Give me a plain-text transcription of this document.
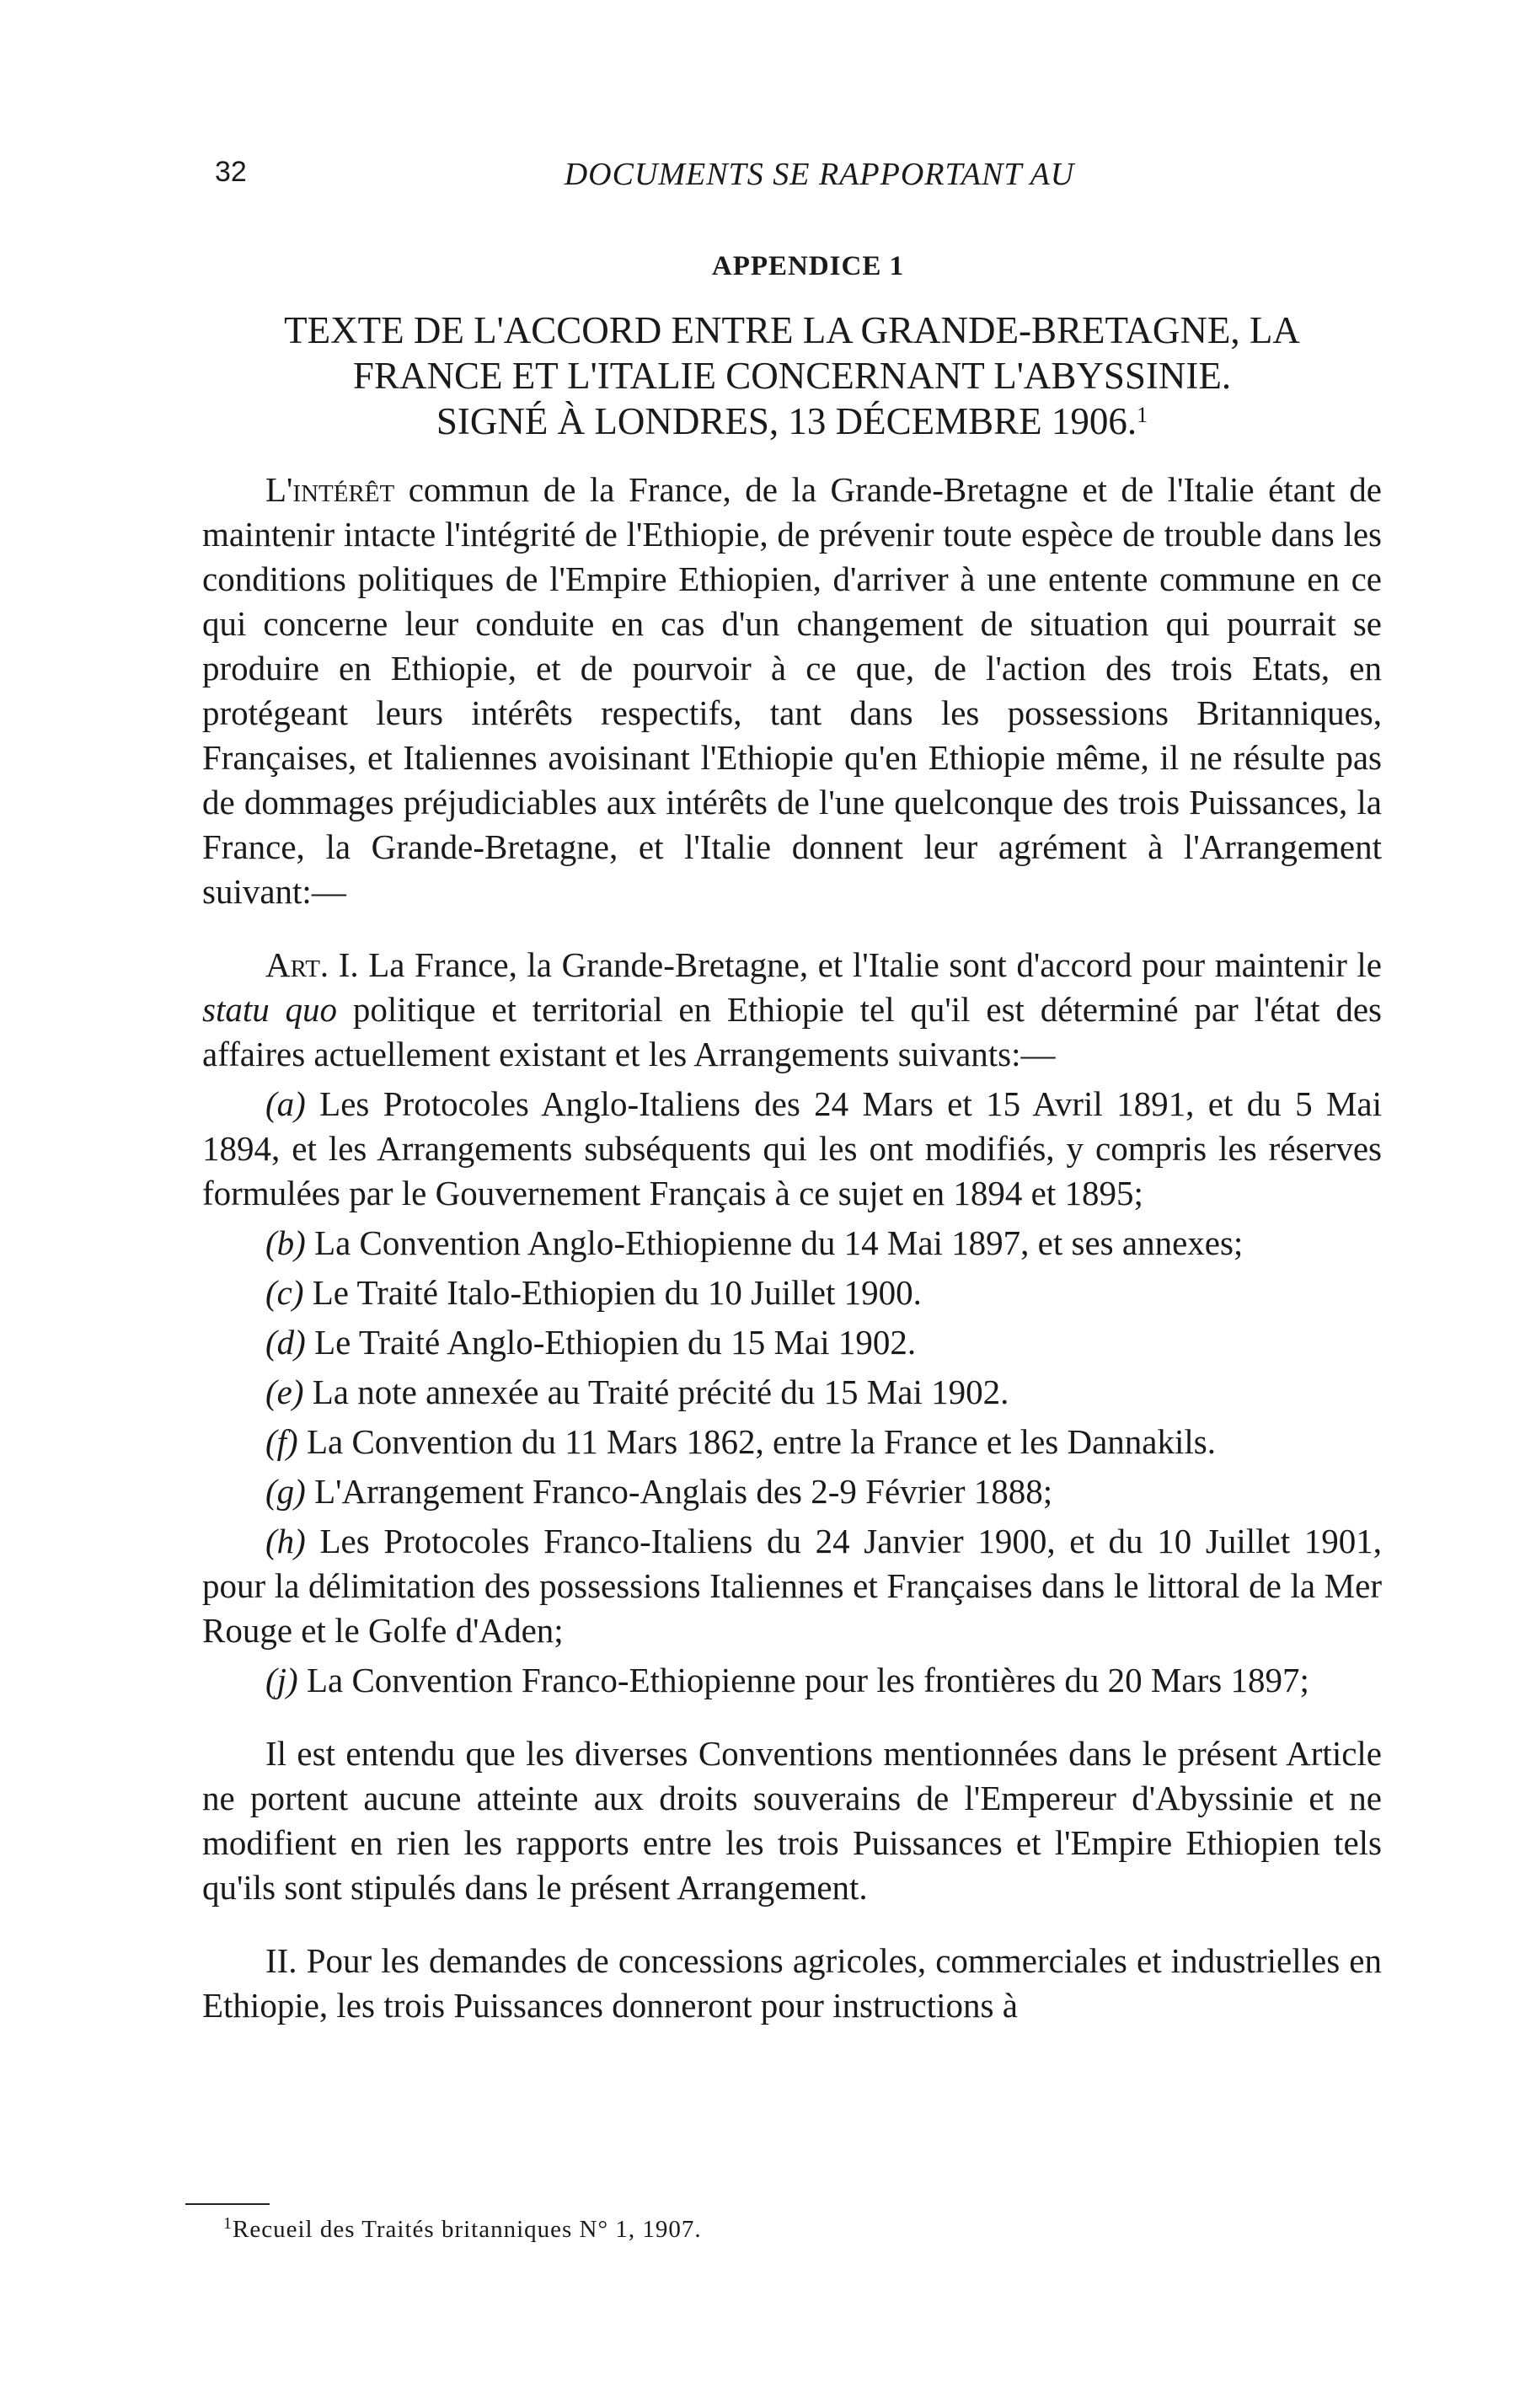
32	DOCUMENTS SE RAPPORTANT AU
APPENDICE 1
TEXTE DE L'ACCORD ENTRE LA GRANDE-BRETAGNE, LA
FRANCE ET L'ITALIE CONCERNANT L'ABYSSINIE.
SIGNÉ À LONDRES, 13 DÉCEMBRE 1906.$^1$

L'intérêt commun de la France, de la Grande-Bretagne et de l'Italie étant de maintenir intacte l'intégrité de l'Ethiopie, de prévenir toute espèce de trouble dans les conditions politiques de l'Empire Ethiopien, d'arriver à une entente commune en ce qui concerne leur conduite en cas d'un changement de situation qui pourrait se produire en Ethiopie, et de pourvoir à ce que, de l'action des trois Etats, en protégeant leurs intérêts respectifs, tant dans les possessions Britanniques, Françaises, et Italiennes avoisinant l'Ethiopie qu'en Ethiopie même, il ne résulte pas de dommages préjudiciables aux intérêts de l'une quelconque des trois Puissances, la France, la Grande-Bretagne, et l'Italie donnent leur agrément à l'Arrangement suivant:—

Art. I. La France, la Grande-Bretagne, et l'Italie sont d'accord pour maintenir le statu quo politique et territorial en Ethiopie tel qu'il est déterminé par l'état des affaires actuellement existant et les Arrangements suivants:—

(a) Les Protocoles Anglo-Italiens des 24 Mars et 15 Avril 1891, et du 5 Mai 1894, et les Arrangements subséquents qui les ont modifiés, y compris les réserves formulées par le Gouvernement Français à ce sujet en 1894 et 1895;

(b) La Convention Anglo-Ethiopienne du 14 Mai 1897, et ses annexes;

(c) Le Traité Italo-Ethiopien du 10 Juillet 1900.

(d) Le Traité Anglo-Ethiopien du 15 Mai 1902.

(e) La note annexée au Traité précité du 15 Mai 1902.

(f) La Convention du 11 Mars 1862, entre la France et les Dannakils.

(g) L'Arrangement Franco-Anglais des 2-9 Février 1888;

(h) Les Protocoles Franco-Italiens du 24 Janvier 1900, et du 10 Juillet 1901, pour la délimitation des possessions Italiennes et Françaises dans le littoral de la Mer Rouge et le Golfe d'Aden;

(j) La Convention Franco-Ethiopienne pour les frontières du 20 Mars 1897;

Il est entendu que les diverses Conventions mentionnées dans le présent Article ne portent aucune atteinte aux droits souverains de l'Empereur d'Abyssinie et ne modifient en rien les rapports entre les trois Puissances et l'Empire Ethiopien tels qu'ils sont stipulés dans le présent Arrangement.

II. Pour les demandes de concessions agricoles, commerciales et industrielles en Ethiopie, les trois Puissances donneront pour instructions à

$^1$Recueil des Traités britanniques N° 1, 1907.
